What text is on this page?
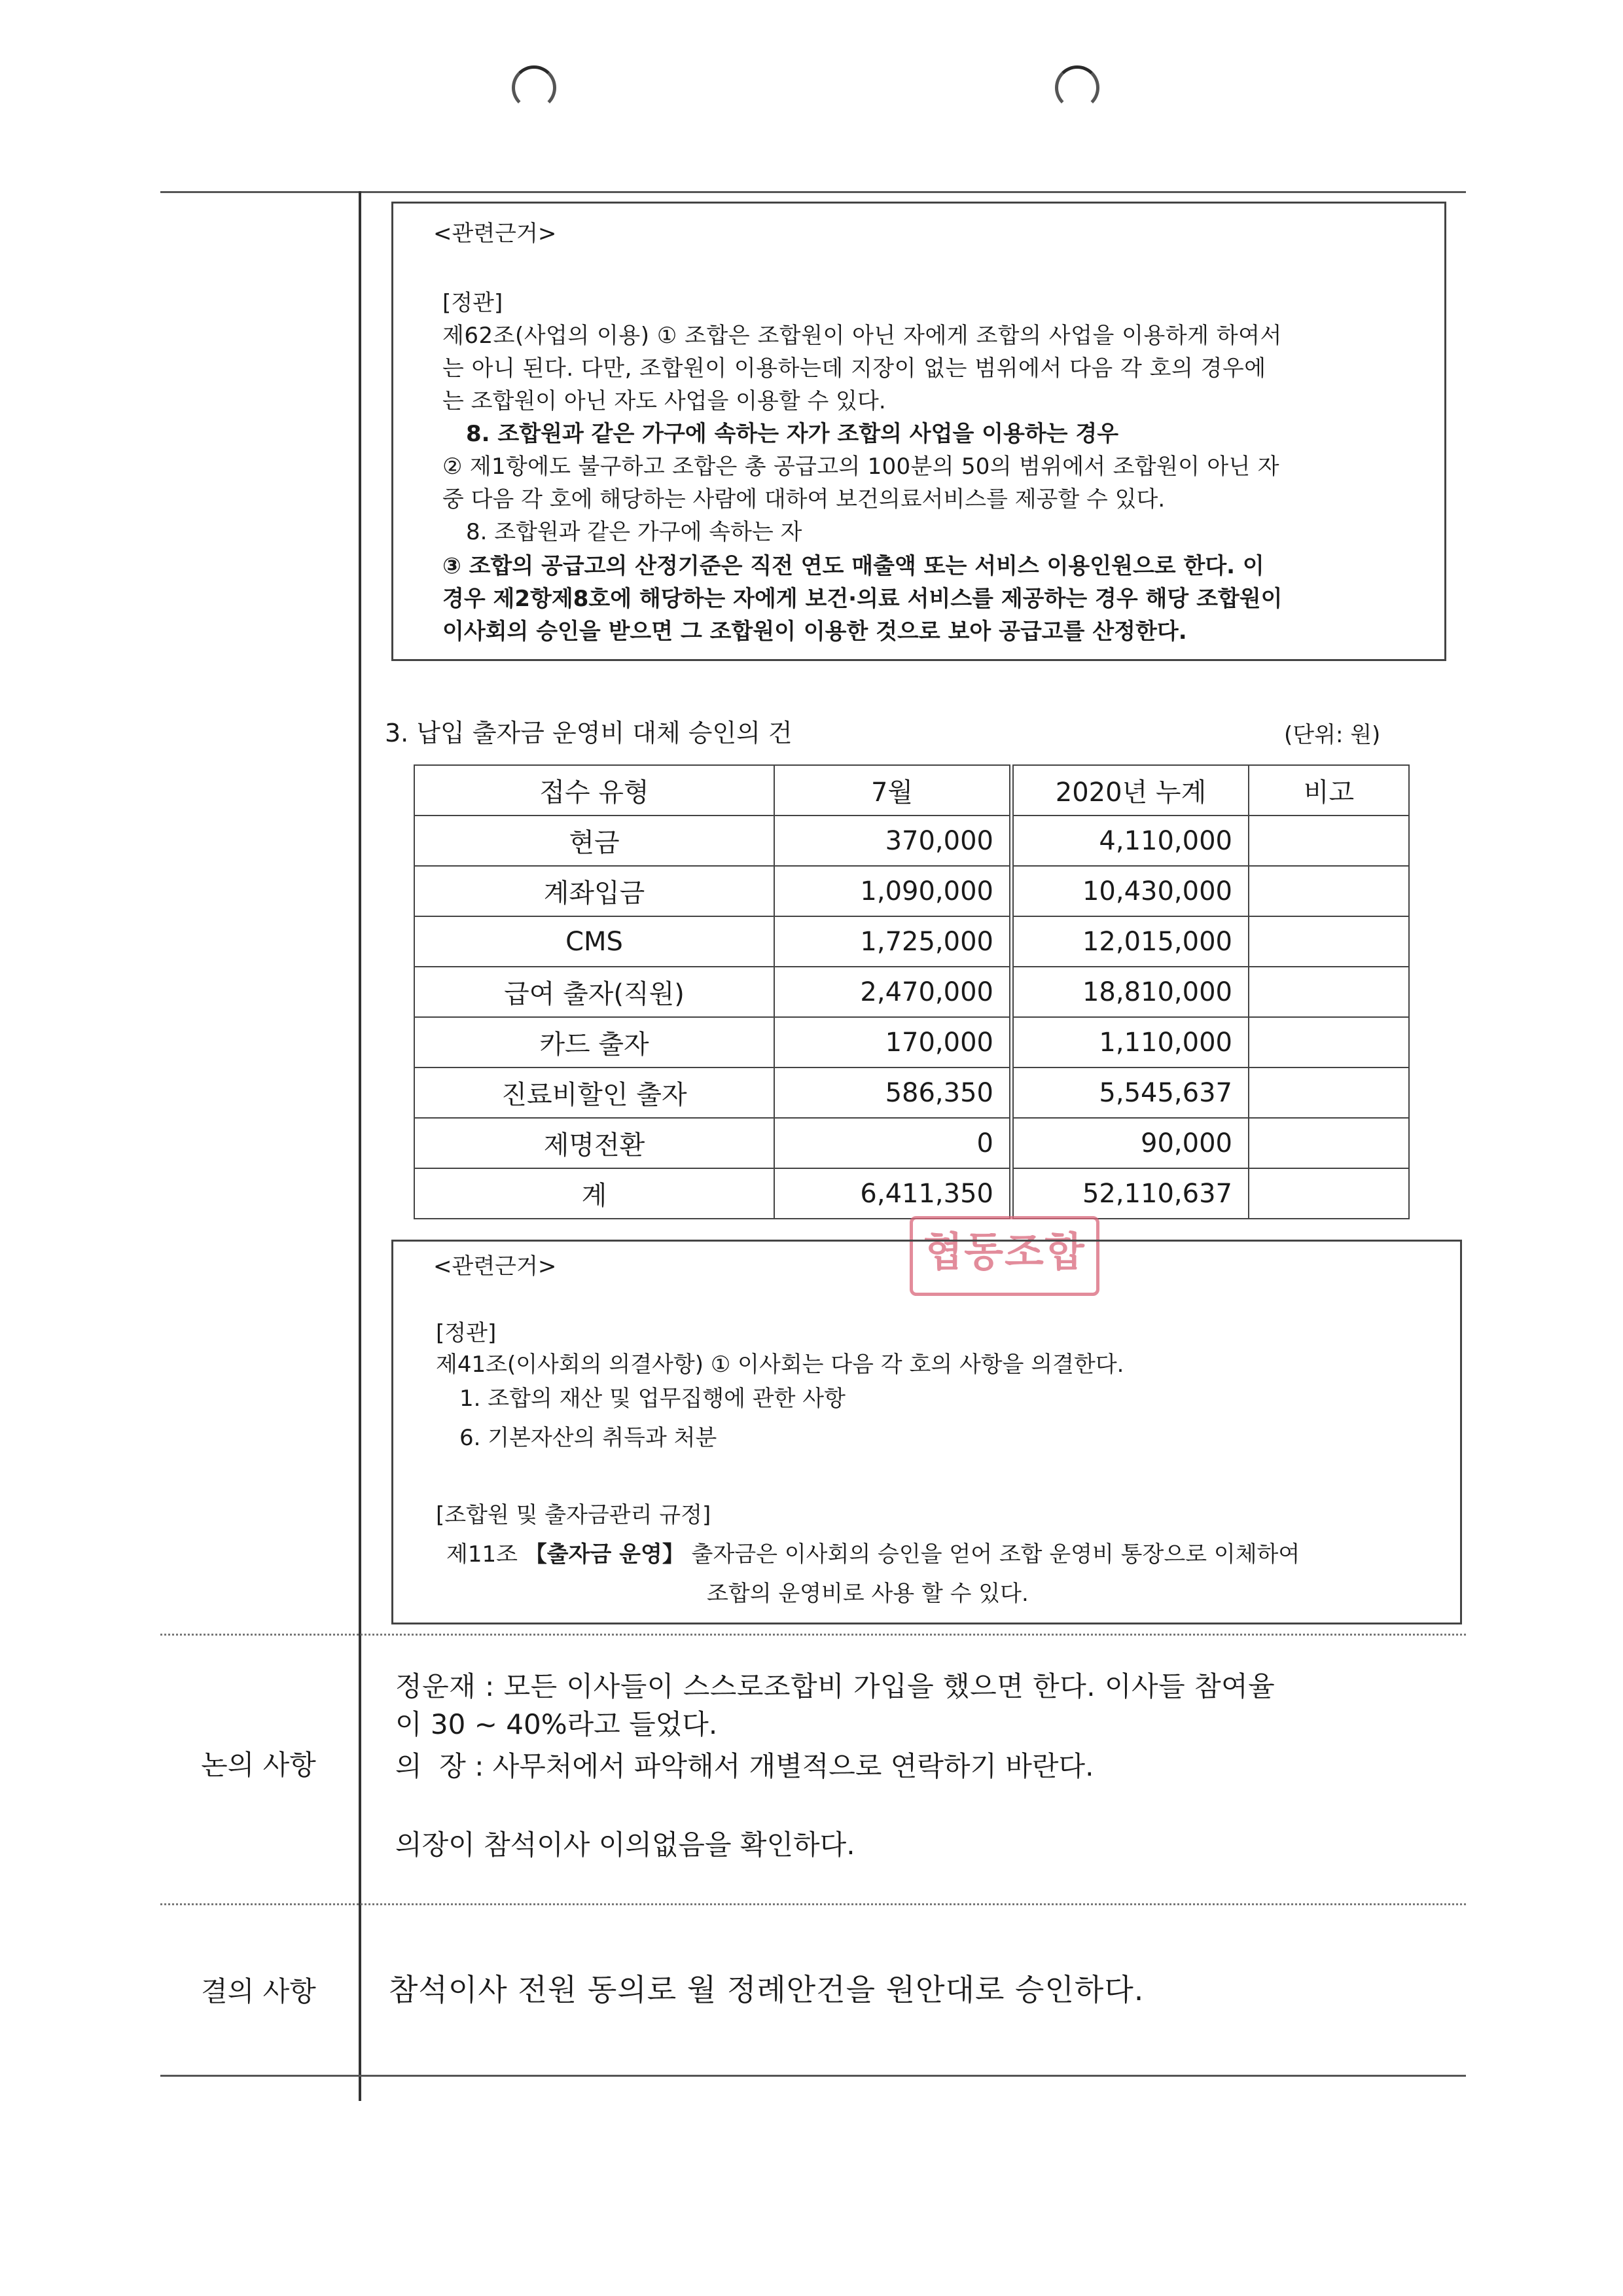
<관련근거>
[정관]
제62조(사업의 이용) ① 조합은 조합원이 아닌 자에게 조합의 사업을 이용하게 하여서
는 아니 된다. 다만, 조합원이 이용하는데 지장이 없는 범위에서 다음 각 호의 경우에
는 조합원이 아닌 자도 사업을 이용할 수 있다.
8. 조합원과 같은 가구에 속하는 자가 조합의 사업을 이용하는 경우
② 제1항에도 불구하고 조합은 총 공급고의 100분의 50의 범위에서 조합원이 아닌 자
중 다음 각 호에 해당하는 사람에 대하여 보건의료서비스를 제공할 수 있다.
8. 조합원과 같은 가구에 속하는 자
③ 조합의 공급고의 산정기준은 직전 연도 매출액 또는 서비스 이용인원으로 한다. 이
경우 제2항제8호에 해당하는 자에게 보건·의료 서비스를 제공하는 경우 해당 조합원이
이사회의 승인을 받으면 그 조합원이 이용한 것으로 보아 공급고를 산정한다.
3. 납입 출자금 운영비 대체 승인의 건	(단위: 원)
접수 유형	7월	2020년 누계	비고
현금	370,000	4,110,000	
계좌입금	1,090,000	10,430,000	
CMS	1,725,000	12,015,000	
급여 출자(직원)	2,470,000	18,810,000	
카드 출자	170,000	1,110,000	
진료비할인 출자	586,350	5,545,637	
제명전환	0	90,000	
계	6,411,350	52,110,637	
협동조합
<관련근거>
[정관]
제41조(이사회의 의결사항) ① 이사회는 다음 각 호의 사항을 의결한다.
1. 조합의 재산 및 업무집행에 관한 사항
6. 기본자산의 취득과 처분
[조합원 및 출자금관리 규정]
제11조 【출자금 운영】 출자금은 이사회의 승인을 얻어 조합 운영비 통장으로 이체하여
조합의 운영비로 사용 할 수 있다.
논의 사항
정운재 : 모든 이사들이 스스로조합비 가입을 했으면 한다. 이사들 참여율
이 30 ~ 40%라고 들었다.
의  장 : 사무처에서 파악해서 개별적으로 연락하기 바란다.
의장이 참석이사 이의없음을 확인하다.
결의 사항	참석이사 전원 동의로 월 정례안건을 원안대로 승인하다.
